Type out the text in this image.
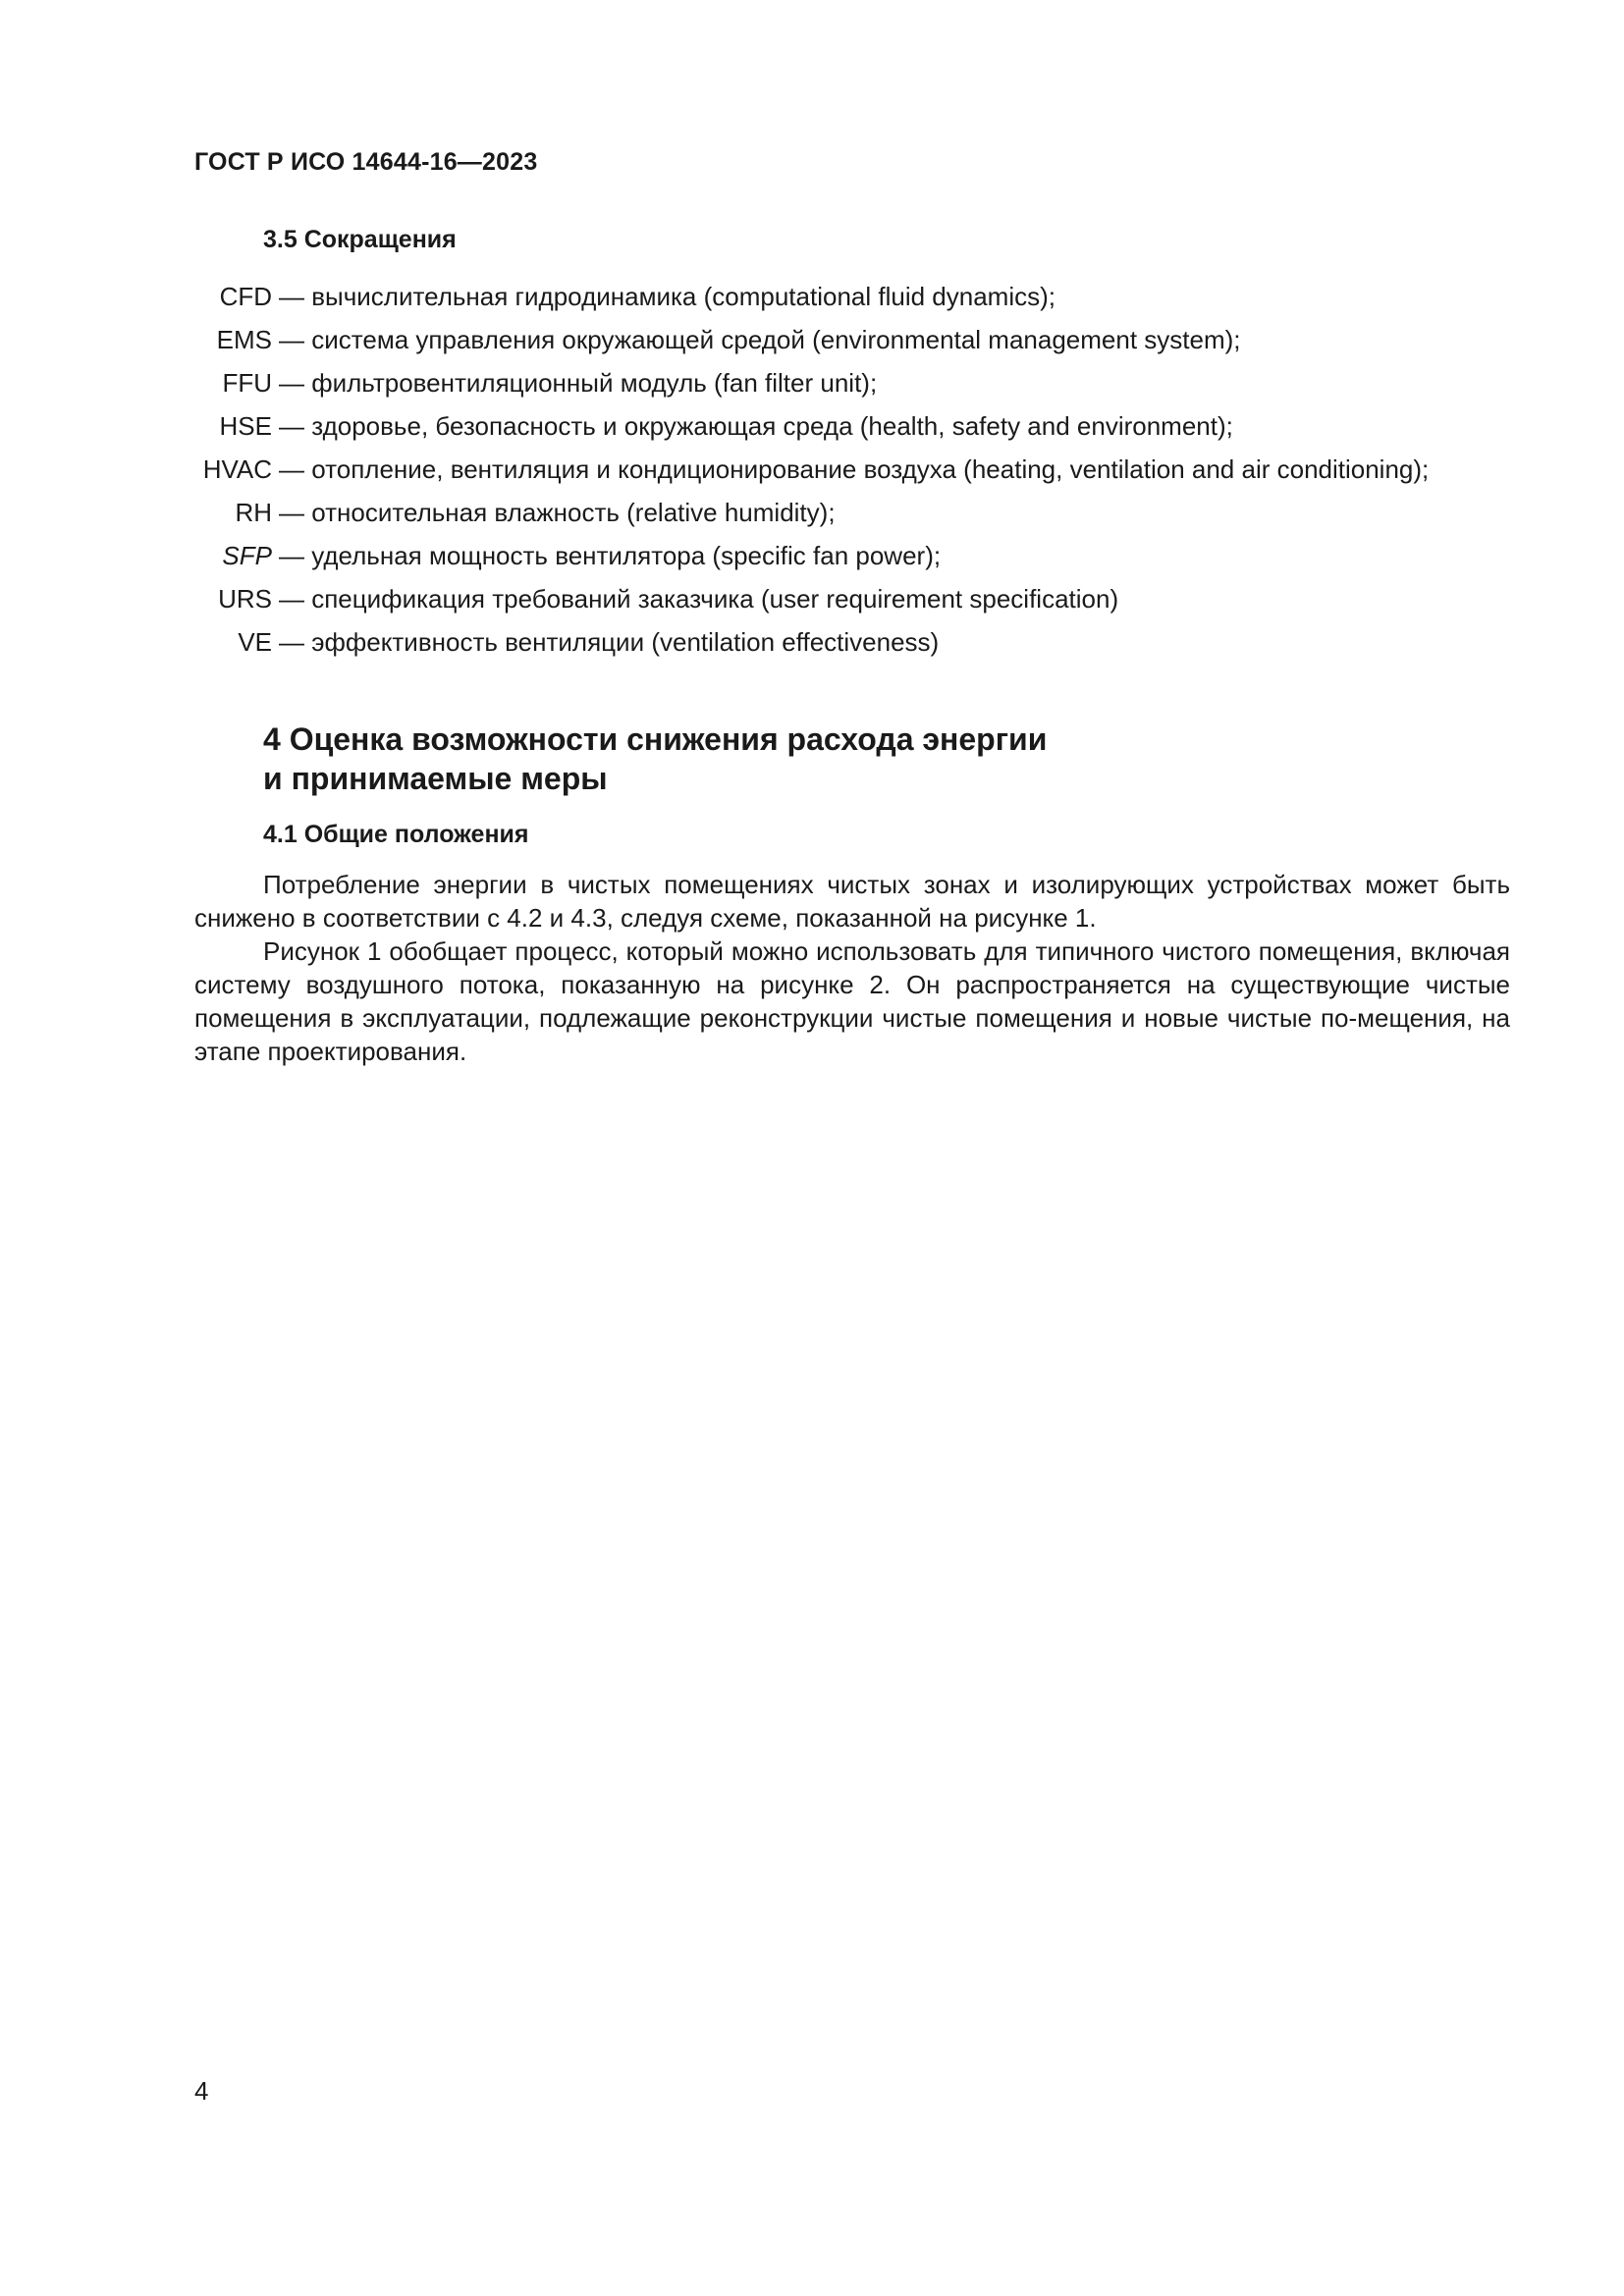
ГОСТ Р ИСО 14644-16—2023
3.5 Сокращения
CFD — вычислительная гидродинамика (computational fluid dynamics);
EMS — система управления окружающей средой (environmental management system);
FFU — фильтровентиляционный модуль (fan filter unit);
HSE — здоровье, безопасность и окружающая среда (health, safety and environment);
HVAC — отопление, вентиляция и кондиционирование воздуха (heating, ventilation and air conditioning);
RH — относительная влажность (relative humidity);
SFP — удельная мощность вентилятора (specific fan power);
URS — спецификация требований заказчика (user requirement specification)
VE — эффективность вентиляции (ventilation effectiveness)
4 Оценка возможности снижения расхода энергии
и принимаемые меры
4.1 Общие положения

Потребление энергии в чистых помещениях чистых зонах и изолирующих устройствах может быть снижено в соответствии с 4.2 и 4.3, следуя схеме, показанной на рисунке 1.

Рисунок 1 обобщает процесс, который можно использовать для типичного чистого помещения, включая систему воздушного потока, показанную на рисунке 2. Он распространяется на существующие чистые помещения в эксплуатации, подлежащие реконструкции чистые помещения и новые чистые по-мещения, на этапе проектирования.

4
